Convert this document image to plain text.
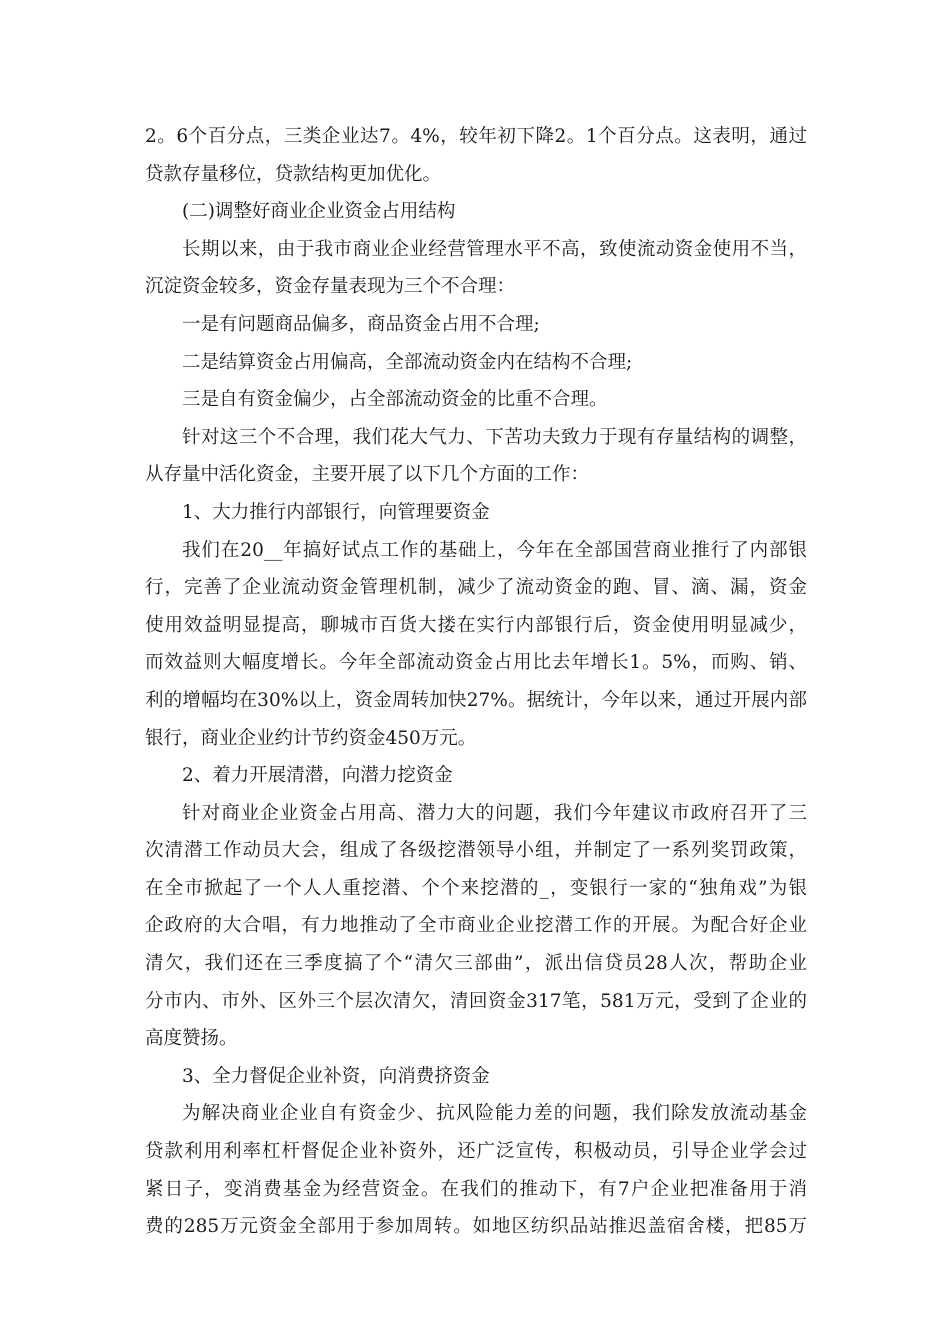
2。6个百分点，三类企业达7。4%，较年初下降2。1个百分点。这表明，通过
贷款存量移位，贷款结构更加优化。
(二)调整好商业企业资金占用结构
长期以来，由于我市商业企业经营管理水平不高，致使流动资金使用不当，
沉淀资金较多，资金存量表现为三个不合理：
一是有问题商品偏多，商品资金占用不合理;
二是结算资金占用偏高，全部流动资金内在结构不合理;
三是自有资金偏少，占全部流动资金的比重不合理。
针对这三个不合理，我们花大气力、下苦功夫致力于现有存量结构的调整，
从存量中活化资金，主要开展了以下几个方面的工作：
1、大力推行内部银行，向管理要资金
我们在20__年搞好试点工作的基础上，今年在全部国营商业推行了内部银
行，完善了企业流动资金管理机制，减少了流动资金的跑、冒、滴、漏，资金
使用效益明显提高，聊城市百货大搂在实行内部银行后，资金使用明显减少，
而效益则大幅度增长。今年全部流动资金占用比去年增长1。5%，而购、销、
利的增幅均在30%以上，资金周转加快27%。据统计，今年以来，通过开展内部
银行，商业企业约计节约资金450万元。
2、着力开展清潜，向潜力挖资金
针对商业企业资金占用高、潜力大的问题，我们今年建议市政府召开了三
次清潜工作动员大会，组成了各级挖潜领导小组，并制定了一系列奖罚政策，
在全市掀起了一个人人重挖潜、个个来挖潜的_，变银行一家的“独角戏”为银
企政府的大合唱，有力地推动了全市商业企业挖潜工作的开展。为配合好企业
清欠，我们还在三季度搞了个“清欠三部曲”，派出信贷员28人次，帮助企业
分市内、市外、区外三个层次清欠，清回资金317笔，581万元，受到了企业的
高度赞扬。
3、全力督促企业补资，向消费挤资金
为解决商业企业自有资金少、抗风险能力差的问题，我们除发放流动基金
贷款利用利率杠杆督促企业补资外，还广泛宣传，积极动员，引导企业学会过
紧日子，变消费基金为经营资金。在我们的推动下，有7户企业把准备用于消
费的285万元资金全部用于参加周转。如地区纺织品站推迟盖宿舍楼，把85万
